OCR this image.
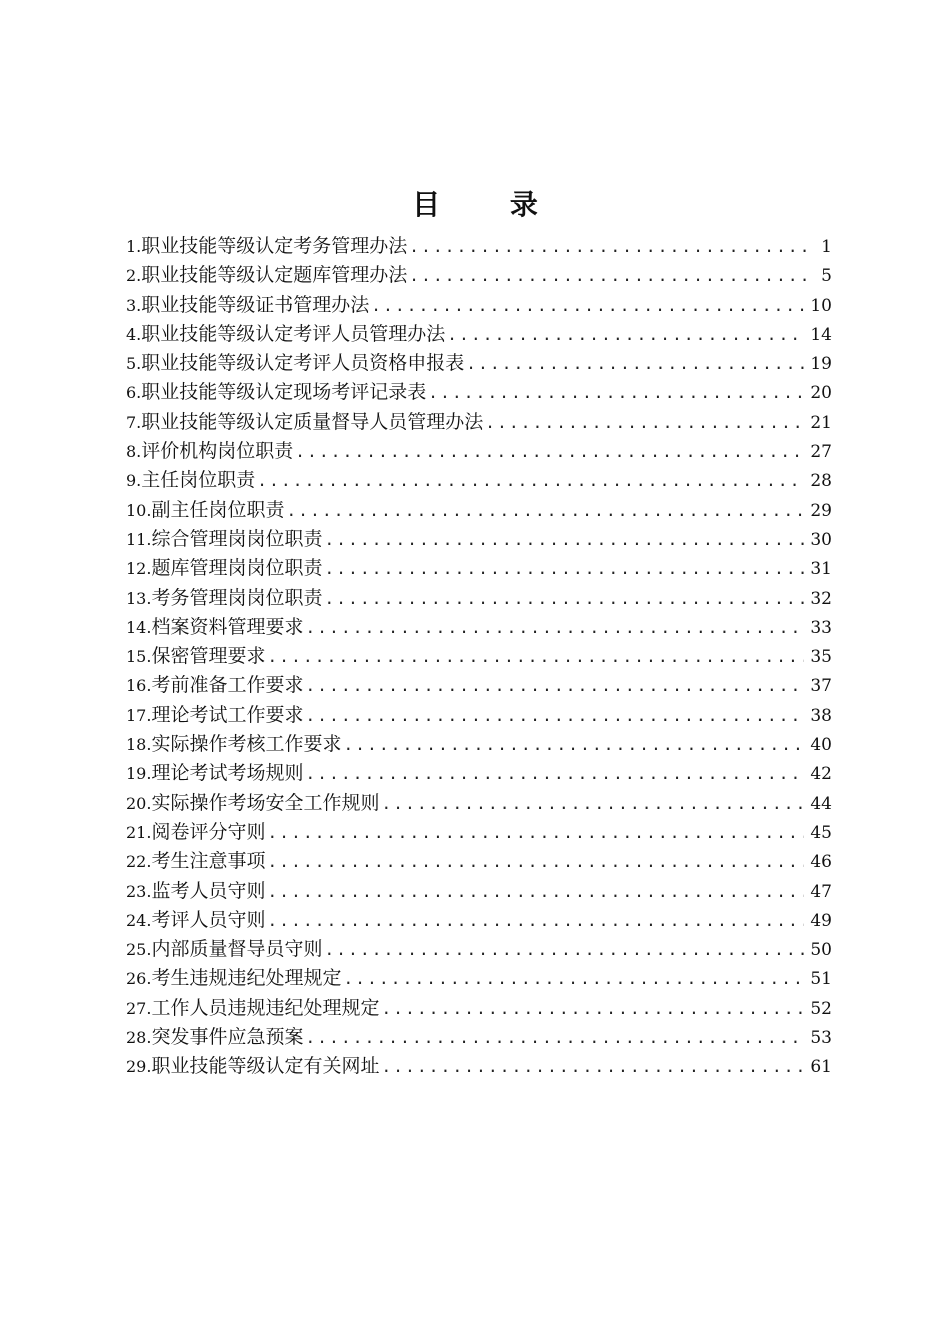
目 录
1. 职业技能等级认定考务管理办法 .....	1
2. 职业技能等级认定题库管理办法 .....	5
3. 职业技能等级证书管理办法 .....	10
4. 职业技能等级认定考评人员管理办法 .....	14
5. 职业技能等级认定考评人员资格申报表 .....	19
6. 职业技能等级认定现场考评记录表 .....	20
7. 职业技能等级认定质量督导人员管理办法 .....	21
8. 评价机构岗位职责 .....	27
9. 主任岗位职责 .....	28
10. 副主任岗位职责 .....	29
11. 综合管理岗岗位职责 .....	30
12. 题库管理岗岗位职责 .....	31
13. 考务管理岗岗位职责 .....	32
14. 档案资料管理要求 .....	33
15. 保密管理要求 .....	35
16. 考前准备工作要求 .....	37
17. 理论考试工作要求 .....	38
18. 实际操作考核工作要求 .....	40
19. 理论考试考场规则 .....	42
20. 实际操作考场安全工作规则 .....	44
21. 阅卷评分守则 .....	45
22. 考生注意事项 .....	46
23. 监考人员守则 .....	47
24. 考评人员守则 .....	49
25. 内部质量督导员守则 .....	50
26. 考生违规违纪处理规定 .....	51
27. 工作人员违规违纪处理规定 .....	52
28. 突发事件应急预案 .....	53
29. 职业技能等级认定有关网址 .....	61
